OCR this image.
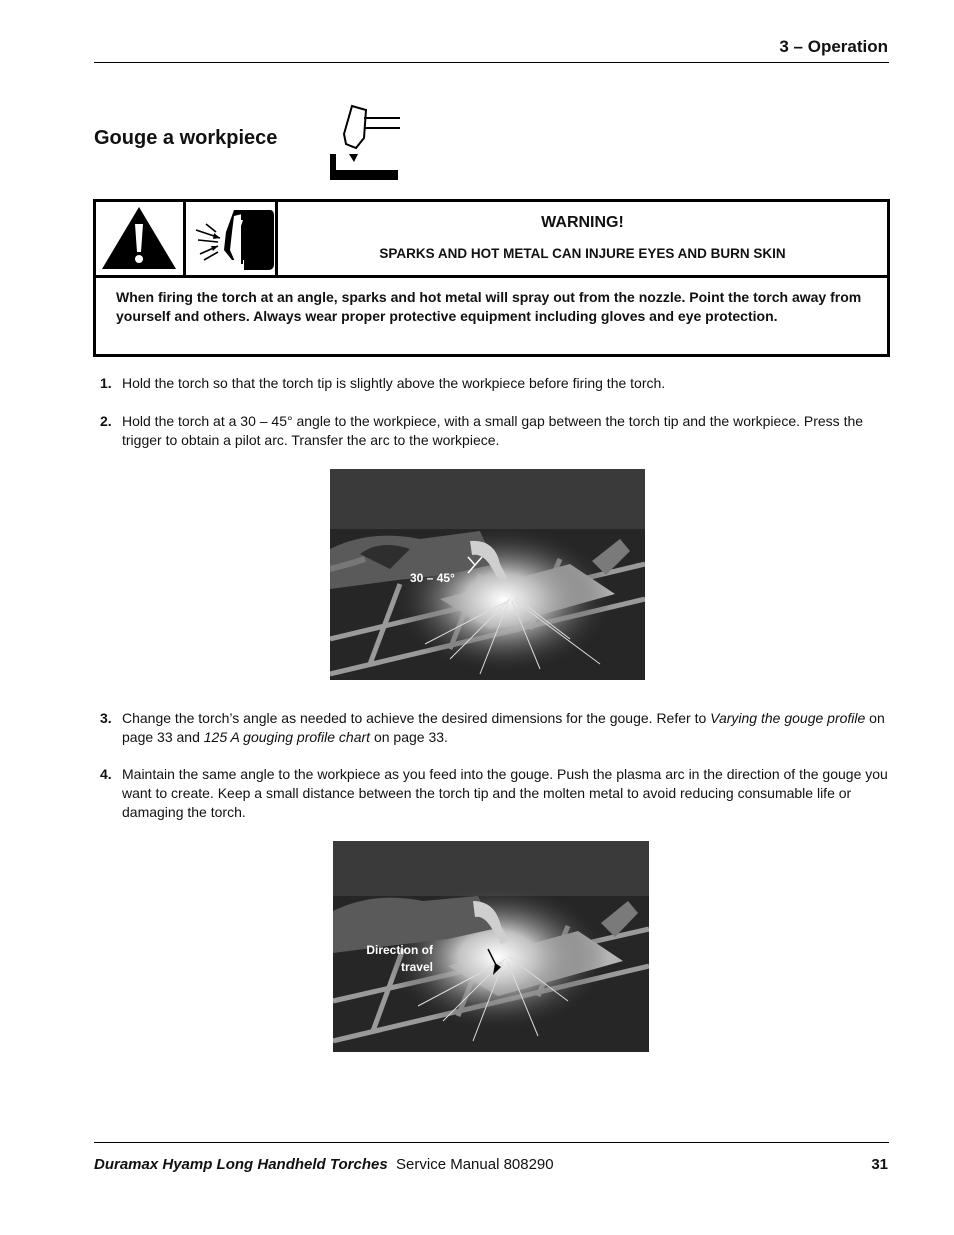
3 – Operation
Gouge a workpiece
WARNING!
SPARKS AND HOT METAL CAN INJURE EYES AND BURN SKIN
When firing the torch at an angle, sparks and hot metal will spray out from the nozzle. Point the torch away from yourself and others. Always wear proper protective equipment including gloves and eye protection.
1. Hold the torch so that the torch tip is slightly above the workpiece before firing the torch.
2. Hold the torch at a 30 – 45° angle to the workpiece, with a small gap between the torch tip and the workpiece. Press the trigger to obtain a pilot arc. Transfer the arc to the workpiece.
30 – 45°
3. Change the torch’s angle as needed to achieve the desired dimensions for the gouge. Refer to Varying the gouge profile on page 33 and 125 A gouging profile chart on page 33.
4. Maintain the same angle to the workpiece as you feed into the gouge. Push the plasma arc in the direction of the gouge you want to create. Keep a small distance between the torch tip and the molten metal to avoid reducing consumable life or damaging the torch.
Direction of
travel
Duramax Hyamp Long Handheld Torches Service Manual 808290	31
